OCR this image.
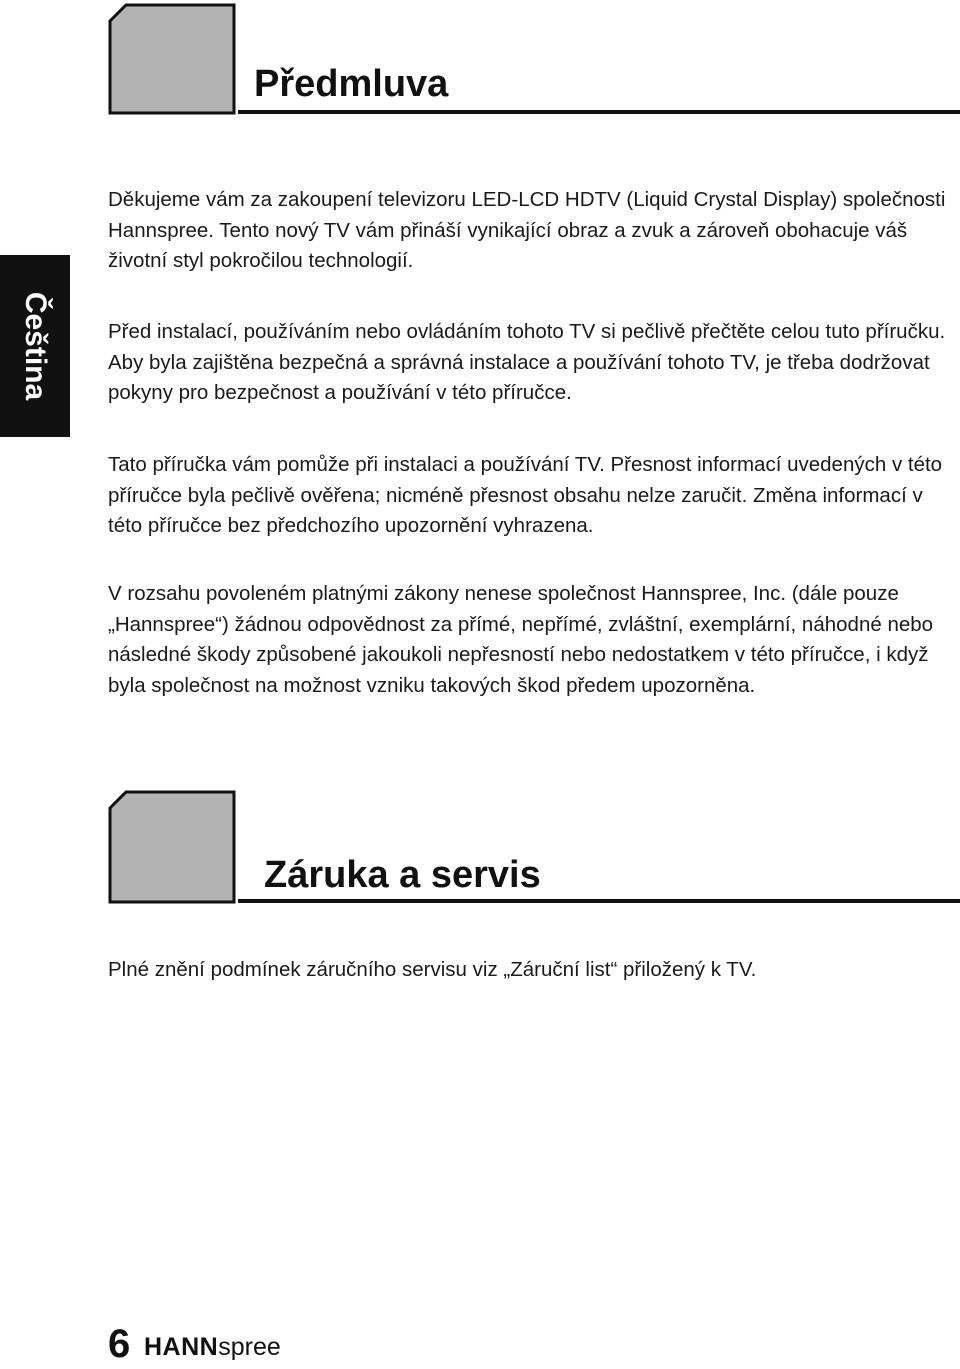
Čeština
Předmluva

Děkujeme vám za zakoupení televizoru LED-LCD HDTV (Liquid Crystal Display) společnosti Hannspree. Tento nový TV vám přináší vynikající obraz a zvuk a zároveň obohacuje váš životní styl pokročilou technologií.

Před instalací, používáním nebo ovládáním tohoto TV si pečlivě přečtěte celou tuto příručku. Aby byla zajištěna bezpečná a správná instalace a používání tohoto TV, je třeba dodržovat pokyny pro bezpečnost a používání v této příručce.

Tato příručka vám pomůže při instalaci a používání TV. Přesnost informací uvedených v této příručce byla pečlivě ověřena; nicméně přesnost obsahu nelze zaručit. Změna informací v této příručce bez předchozího upozornění vyhrazena.

V rozsahu povoleném platnými zákony nenese společnost Hannspree, Inc. (dále pouze „Hannspree“) žádnou odpovědnost za přímé, nepřímé, zvláštní, exemplární, náhodné nebo následné škody způsobené jakoukoli nepřesností nebo nedostatkem v této příručce, i když byla společnost na možnost vzniku takových škod předem upozorněna.

Záruka a servis

Plné znění podmínek záručního servisu viz „Záruční list“ přiložený k TV.

6 HANNspree
